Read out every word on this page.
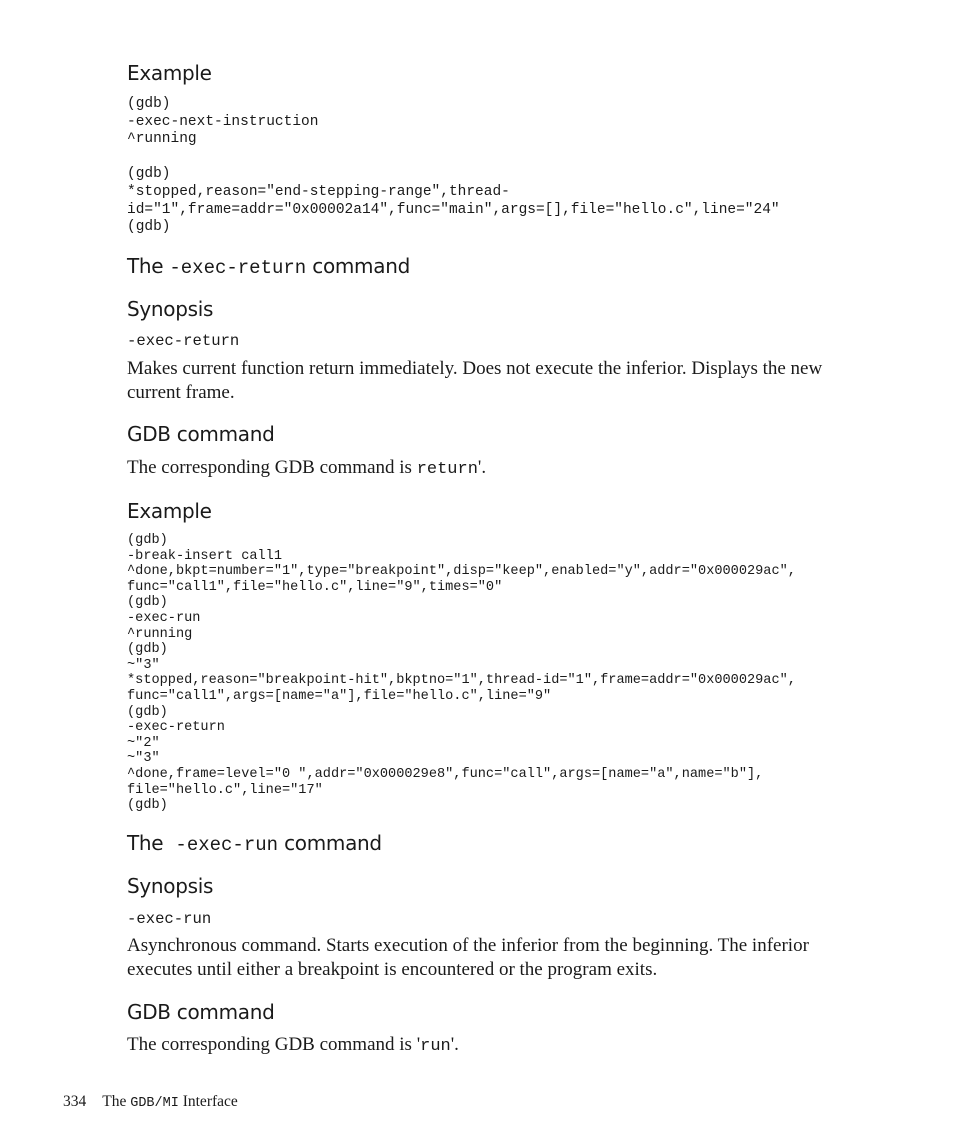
Example
(gdb)
-exec-next-instruction
^running

(gdb)
*stopped,reason="end-stepping-range",thread-
id="1",frame=addr="0x00002a14",func="main",args=[],file="hello.c",line="24"
(gdb)
The -exec-return command
Synopsis
-exec-return

Makes current function return immediately. Does not execute the inferior. Displays the new current frame.

GDB command

The corresponding GDB command is return'.

Example
(gdb)
-break-insert call1
^done,bkpt=number="1",type="breakpoint",disp="keep",enabled="y",addr="0x000029ac",
func="call1",file="hello.c",line="9",times="0"
(gdb)
-exec-run
^running
(gdb)
~"3"
*stopped,reason="breakpoint-hit",bkptno="1",thread-id="1",frame=addr="0x000029ac",
func="call1",args=[name="a"],file="hello.c",line="9"
(gdb)
-exec-return
~"2"
~"3"
^done,frame=level="0 ",addr="0x000029e8",func="call",args=[name="a",name="b"],
file="hello.c",line="17"
(gdb)
The  -exec-run command
Synopsis
-exec-run

Asynchronous command. Starts execution of the inferior from the beginning. The inferior executes until either a breakpoint is encountered or the program exits.

GDB command

The corresponding GDB command is 'run'.

334 The GDB/MI Interface
